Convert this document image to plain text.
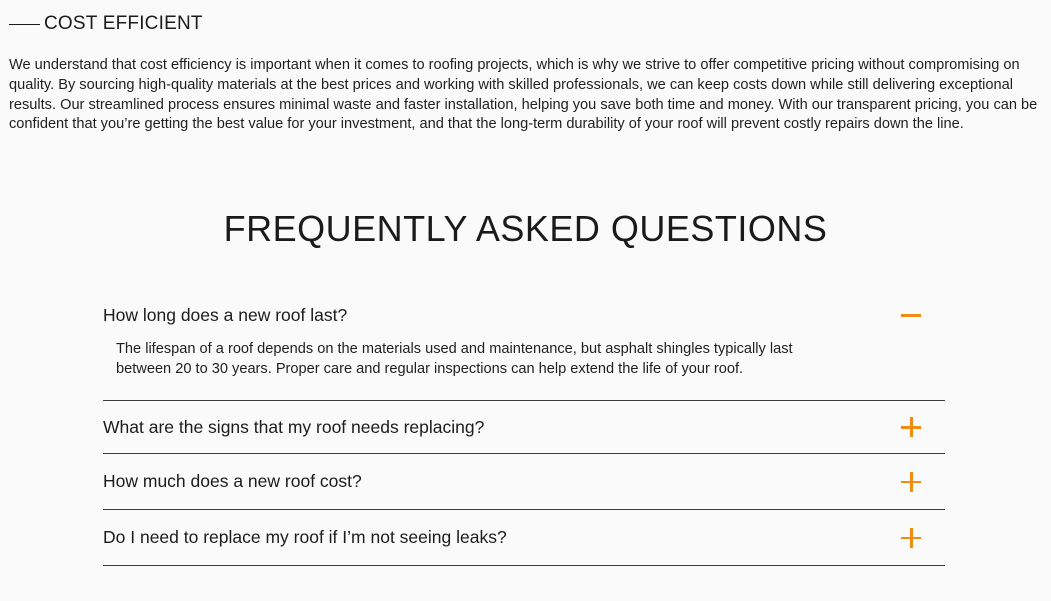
COST EFFICIENT

We understand that cost efficiency is important when it comes to roofing projects, which is why we strive to offer competitive pricing without compromising on quality. By sourcing high-quality materials at the best prices and working with skilled professionals, we can keep costs down while still delivering exceptional results. Our streamlined process ensures minimal waste and faster installation, helping you save both time and money. With our transparent pricing, you can be confident that you’re getting the best value for your investment, and that the long-term durability of your roof will prevent costly repairs down the line.

FREQUENTLY ASKED QUESTIONS
How long does a new roof last?
The lifespan of a roof depends on the materials used and maintenance, but asphalt shingles typically last between 20 to 30 years. Proper care and regular inspections can help extend the life of your roof.
What are the signs that my roof needs replacing?
How much does a new roof cost?
Do I need to replace my roof if I’m not seeing leaks?
